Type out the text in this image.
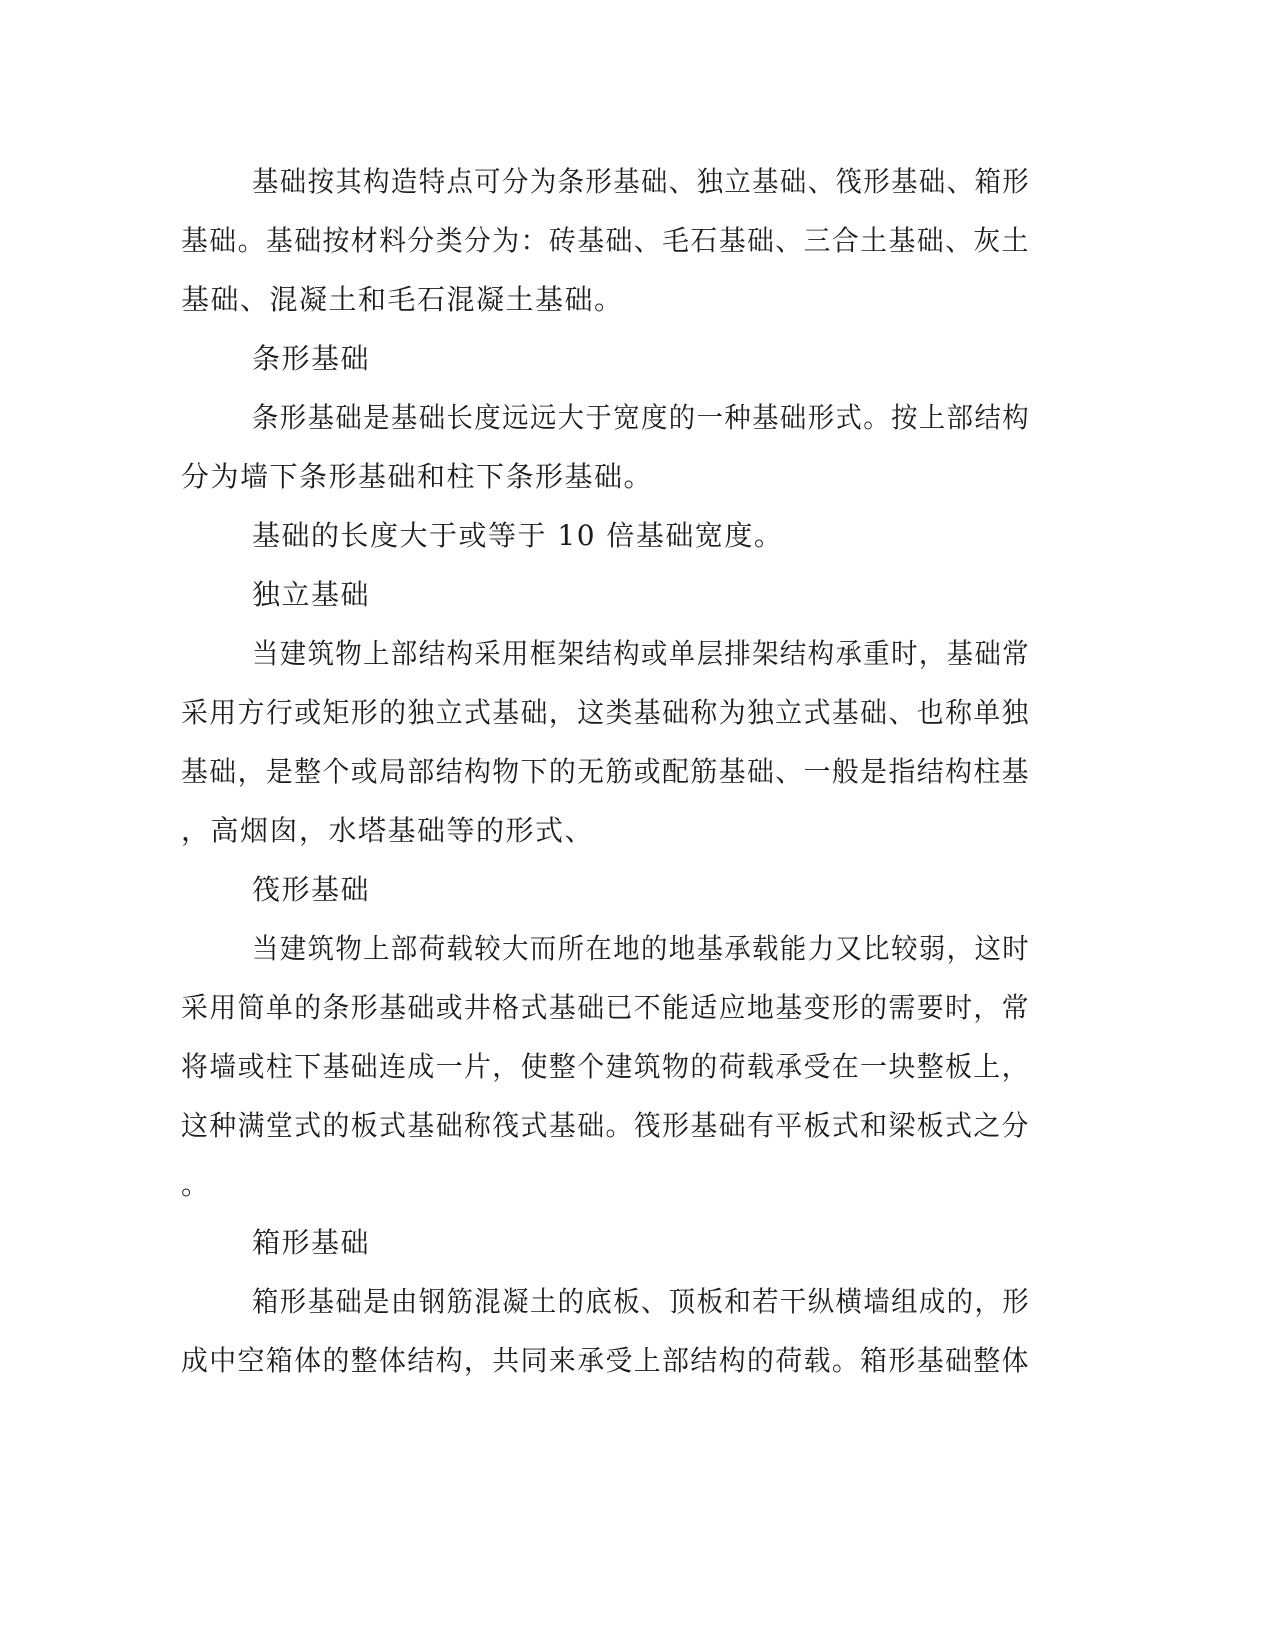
基础按其构造特点可分为条形基础、独立基础、筏形基础、箱形
基础。基础按材料分类分为：砖基础、毛石基础、三合土基础、灰土
基础、混凝土和毛石混凝土基础。
条形基础
条形基础是基础长度远远大于宽度的一种基础形式。按上部结构
分为墙下条形基础和柱下条形基础。
基础的长度大于或等于 10 倍基础宽度。
独立基础
当建筑物上部结构采用框架结构或单层排架结构承重时，基础常
采用方行或矩形的独立式基础，这类基础称为独立式基础、也称单独
基础，是整个或局部结构物下的无筋或配筋基础、一般是指结构柱基
，高烟囱，水塔基础等的形式、
筏形基础
当建筑物上部荷载较大而所在地的地基承载能力又比较弱，这时
采用简单的条形基础或井格式基础已不能适应地基变形的需要时，常
将墙或柱下基础连成一片，使整个建筑物的荷载承受在一块整板上，
这种满堂式的板式基础称筏式基础。筏形基础有平板式和梁板式之分
。
箱形基础
箱形基础是由钢筋混凝土的底板、顶板和若干纵横墙组成的，形
成中空箱体的整体结构，共同来承受上部结构的荷载。箱形基础整体
